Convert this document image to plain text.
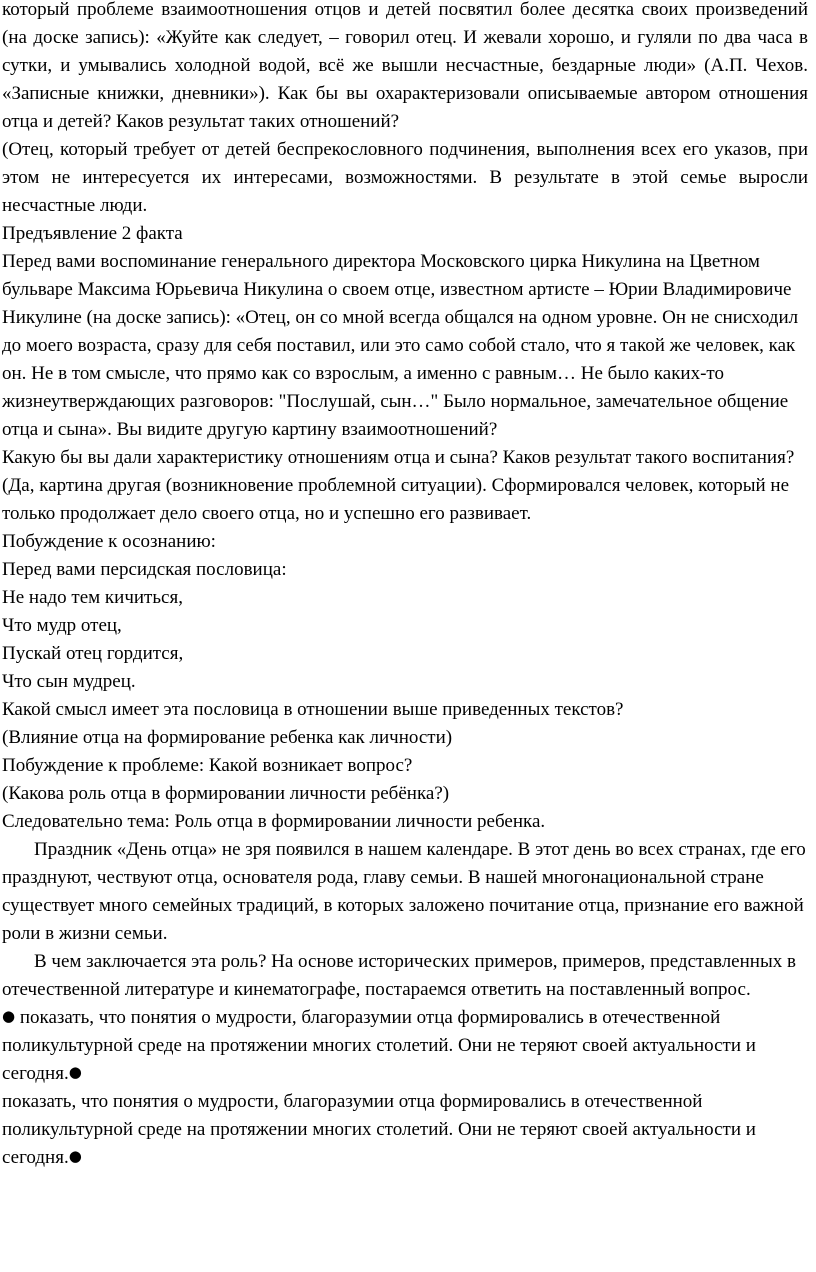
который проблеме взаимоотношения отцов и детей посвятил более десятка своих произведений (на доске запись): «Жуйте как следует, – говорил отец. И жевали хорошо, и гуляли по два часа в сутки, и умывались холодной водой, всё же вышли несчастные, бездарные люди» (А.П. Чехов. «Записные книжки, дневники»). Как бы вы охарактеризовали описываемые автором отношения отца и детей? Каков результат таких отношений?

(Отец, который требует от детей беспрекословного подчинения, выполнения всех его указов, при этом не интересуется их интересами, возможностями. В результате в этой семье выросли несчастные люди.

Предъявление 2 факта

Перед вами воспоминание генерального директора Московского цирка Никулина на Цветном бульваре Максима Юрьевича Никулина о своем отце, известном артисте – Юрии Владимировиче Никулине (на доске запись): «Отец, он со мной всегда общался на одном уровне. Он не снисходил до моего возраста, сразу для себя поставил, или это само собой стало, что я такой же человек, как он. Не в том смысле, что прямо как со взрослым, а именно с равным… Не было каких-то жизнеутверждающих разговоров: "Послушай, сын…" Было нормальное, замечательное общение отца и сына». Вы видите другую картину взаимоотношений?

Какую бы вы дали характеристику отношениям отца и сына? Каков результат такого воспитания?

(Да, картина другая (возникновение проблемной ситуации). Сформировался человек, который не только продолжает дело своего отца, но и успешно его развивает.

Побуждение к осознанию:

Перед вами персидская пословица:

Не надо тем кичиться,

Что мудр отец,

Пускай отец гордится,

Что сын мудрец.

Какой смысл имеет эта пословица в отношении выше приведенных текстов?

(Влияние отца на формирование ребенка как личности)

Побуждение к проблеме: Какой возникает вопрос?

(Какова роль отца в формировании личности ребёнка?)

Следовательно тема: Роль отца в формировании личности ребенка.

Праздник «День отца» не зря появился в нашем календаре. В этот день во всех странах, где его празднуют, чествуют отца, основателя рода, главу семьи. В нашей многонациональной стране существует много семейных традиций, в которых заложено почитание отца, признание его важной роли в жизни семьи.

В чем заключается эта роль? На основе исторических примеров, примеров, представленных в отечественной литературе и кинематографе, постараемся ответить на поставленный вопрос.

● показать, что понятия о мудрости, благоразумии отца формировались в отечественной поликультурной среде на протяжении многих столетий. Они не теряют своей актуальности и сегодня.●

показать, что понятия о мудрости, благоразумии отца формировались в отечественной поликультурной среде на протяжении многих столетий. Они не теряют своей актуальности и сегодня.●
